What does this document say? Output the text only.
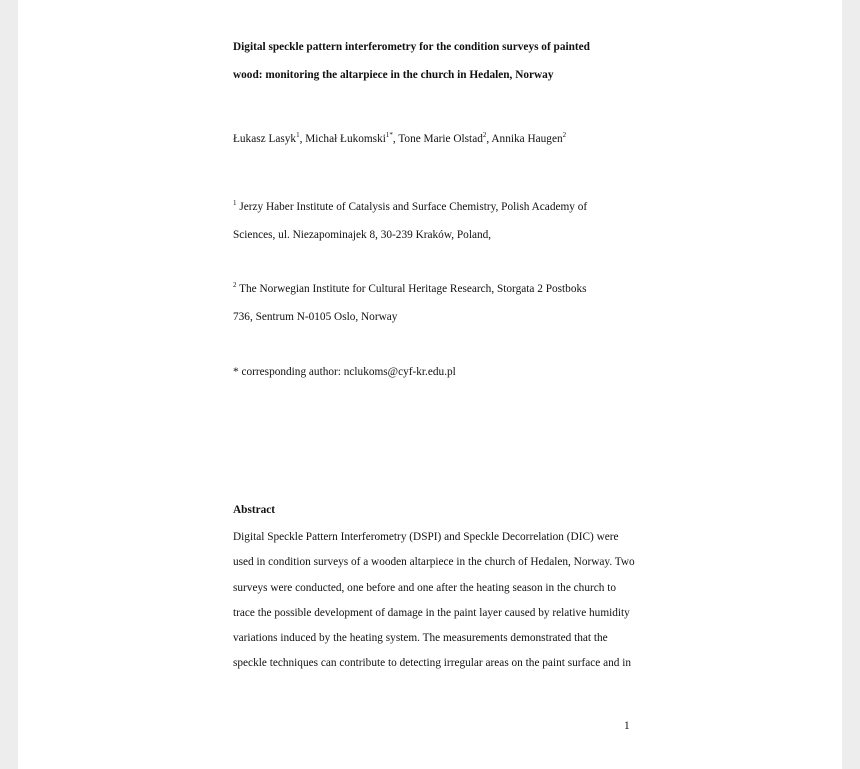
Digital speckle pattern interferometry for the condition surveys of painted
wood: monitoring the altarpiece in the church in Hedalen, Norway
Łukasz Lasyk$^1$, Michał Łukomski$^{1*}$, Tone Marie Olstad$^2$, Annika Haugen$^2$
$^1$ Jerzy Haber Institute of Catalysis and Surface Chemistry, Polish Academy of
Sciences, ul. Niezapominajek 8, 30-239 Kraków, Poland,
$^2$ The Norwegian Institute for Cultural Heritage Research, Storgata 2 Postboks
736, Sentrum N-0105 Oslo, Norway
* corresponding author: nclukoms@cyf-kr.edu.pl
Abstract
Digital Speckle Pattern Interferometry (DSPI) and Speckle Decorrelation (DIC) were
used in condition surveys of a wooden altarpiece in the church of Hedalen, Norway. Two
surveys were conducted, one before and one after the heating season in the church to
trace the possible development of damage in the paint layer caused by relative humidity
variations induced by the heating system. The measurements demonstrated that the
speckle techniques can contribute to detecting irregular areas on the paint surface and in
1
